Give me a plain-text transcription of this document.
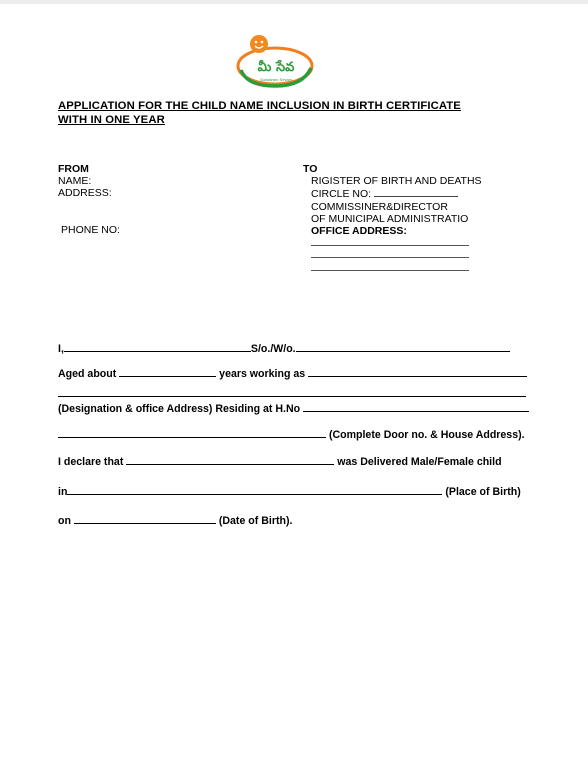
మీ సేవ
Sundaram Sevam
APPLICATION FOR THE CHILD NAME INCLUSION IN BIRTH CERTIFICATE
WITH IN ONE YEAR
FROM
NAME:
ADDRESS:
PHONE NO:
TO
RIGISTER OF BIRTH AND DEATHS
CIRCLE NO:
COMMISSINER&DIRECTOR
OF MUNICIPAL ADMINISTRATIO
OFFICE ADDRESS:
I,	S/o./W/o.
Aged about	years working as
(Designation & office Address) Residing at H.No
(Complete Door no. & House Address).
I declare that	was Delivered Male/Female child
in	(Place of Birth)
on	(Date of Birth).
